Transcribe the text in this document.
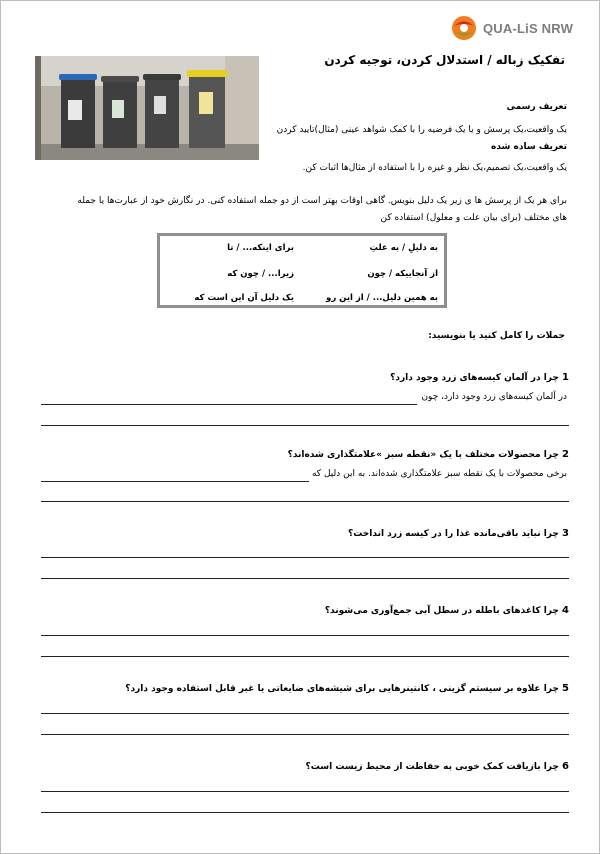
QUA-LiS NRW
تفکیک زباله / استدلال کردن، توجیه کردن
تعریف رسمی
یک واقعیت،یک پرسش و یا یک فرضیه را با کمک شواهد عینی (مثال)تایید کردن
تعریف ساده شده
یک واقعیت،یک تصمیم،یک نظر و غیره را با استفاده از مثال‌ها اثبات کن.
برای هر یک از پرسش ها ی زیر یک دلیل بنویس. گاهی اوقات بهتر است از دو جمله استفاده کنی. در نگارش خود از عبارت‌ها یا جمله های مختلف (برای بیان علت و معلول) استفاده کن
به دلیلِ / به علتِ
برای اینکه... / تا
از آنجاییکه / چون
زیرا... / چون که
به همین دلیل... / از این رو
یک دلیل آن این است که
جملات را کامل کنید یا بنویسید:
1 چرا در آلمان کیسه‌های زرد وجود دارد؟
در آلمان کیسه‌های زرد وجود دارد، چون
2 چرا محصولات مختلف با یک «نقطه سبز »علامتگذاری شده‌اند؟
برخی محصولات با یک نقطه سبز علامتگذاری شده‌اند. به این دلیل که
3 چرا نباید باقی‌مانده غذا را در کیسه زرد انداخت؟
4 چرا کاغذهای باطله در سطل آبی جمع‌آوری می‌شوند؟
5 چرا علاوه بر سیستم گزینی ، کانتینرهایی برای شیشه‌های ضایعاتی یا غیر قابل استفاده وجود دارد؟
6 چرا بازیافت کمک خوبی به حفاظت از محیط زیست است؟
